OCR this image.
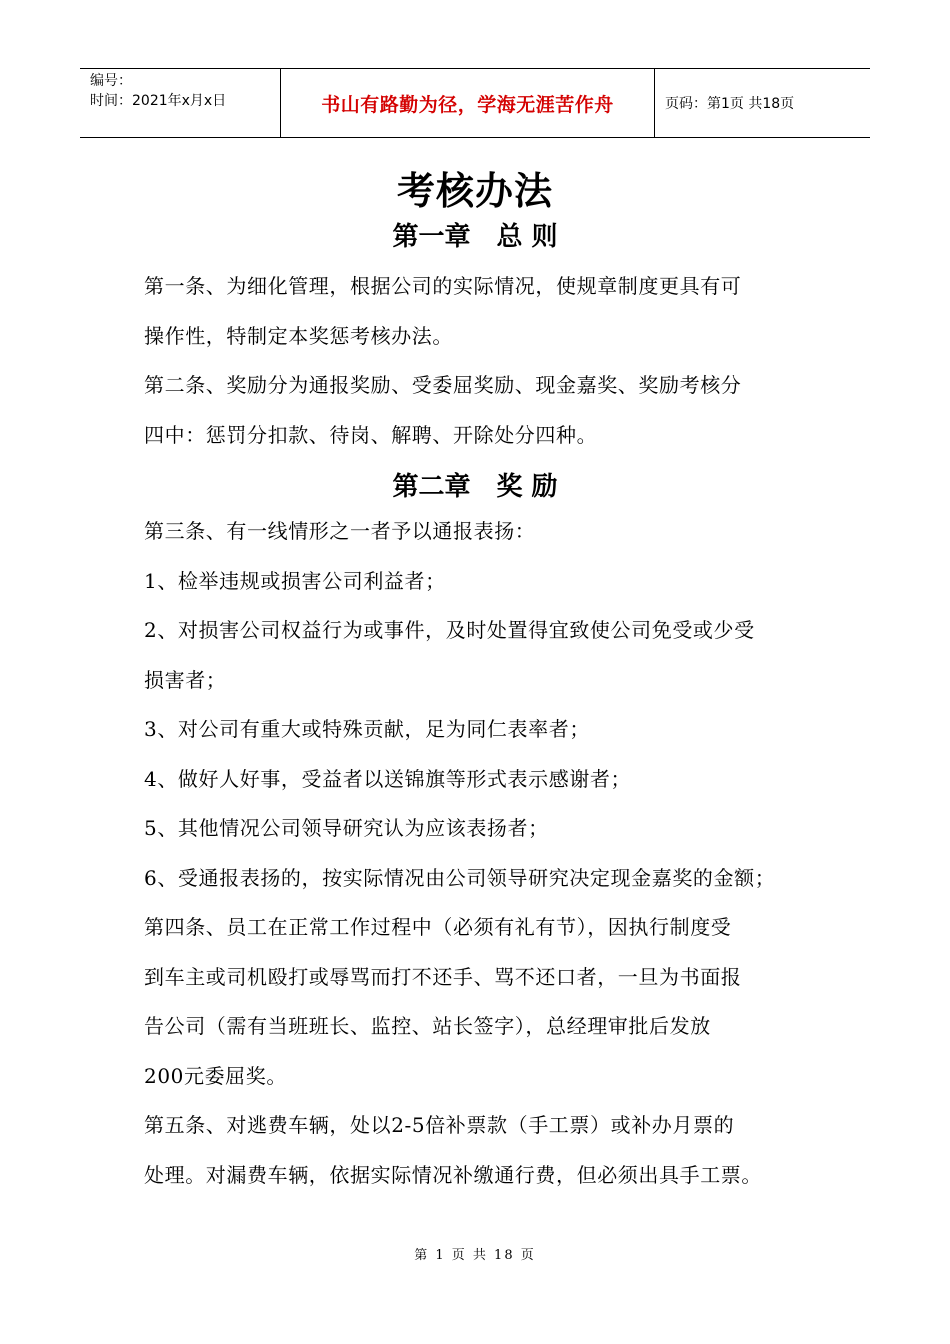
编号：
时间：2021年x月x日	书山有路勤为径，学海无涯苦作舟	页码：第1页 共18页
考核办法
第一章　总 则

第一条、为细化管理，根据公司的实际情况，使规章制度更具有可

操作性，特制定本奖惩考核办法。

第二条、奖励分为通报奖励、受委屈奖励、现金嘉奖、奖励考核分

四中：惩罚分扣款、待岗、解聘、开除处分四种。

第三条、有一线情形之一者予以通报表扬：

1、检举违规或损害公司利益者；

2、对损害公司权益行为或事件，及时处置得宜致使公司免受或少受

损害者；

3、对公司有重大或特殊贡献，足为同仁表率者；

4、做好人好事，受益者以送锦旗等形式表示感谢者；

5、其他情况公司领导研究认为应该表扬者；

6、受通报表扬的，按实际情况由公司领导研究决定现金嘉奖的金额；

第四条、员工在正常工作过程中（必须有礼有节），因执行制度受

到车主或司机殴打或辱骂而打不还手、骂不还口者，一旦为书面报

告公司（需有当班班长、监控、站长签字），总经理审批后发放

200元委屈奖。

第五条、对逃费车辆，处以2-5倍补票款（手工票）或补办月票的

处理。对漏费车辆，依据实际情况补缴通行费，但必须出具手工票。

第二章　奖 励
第 1 页 共 18 页
